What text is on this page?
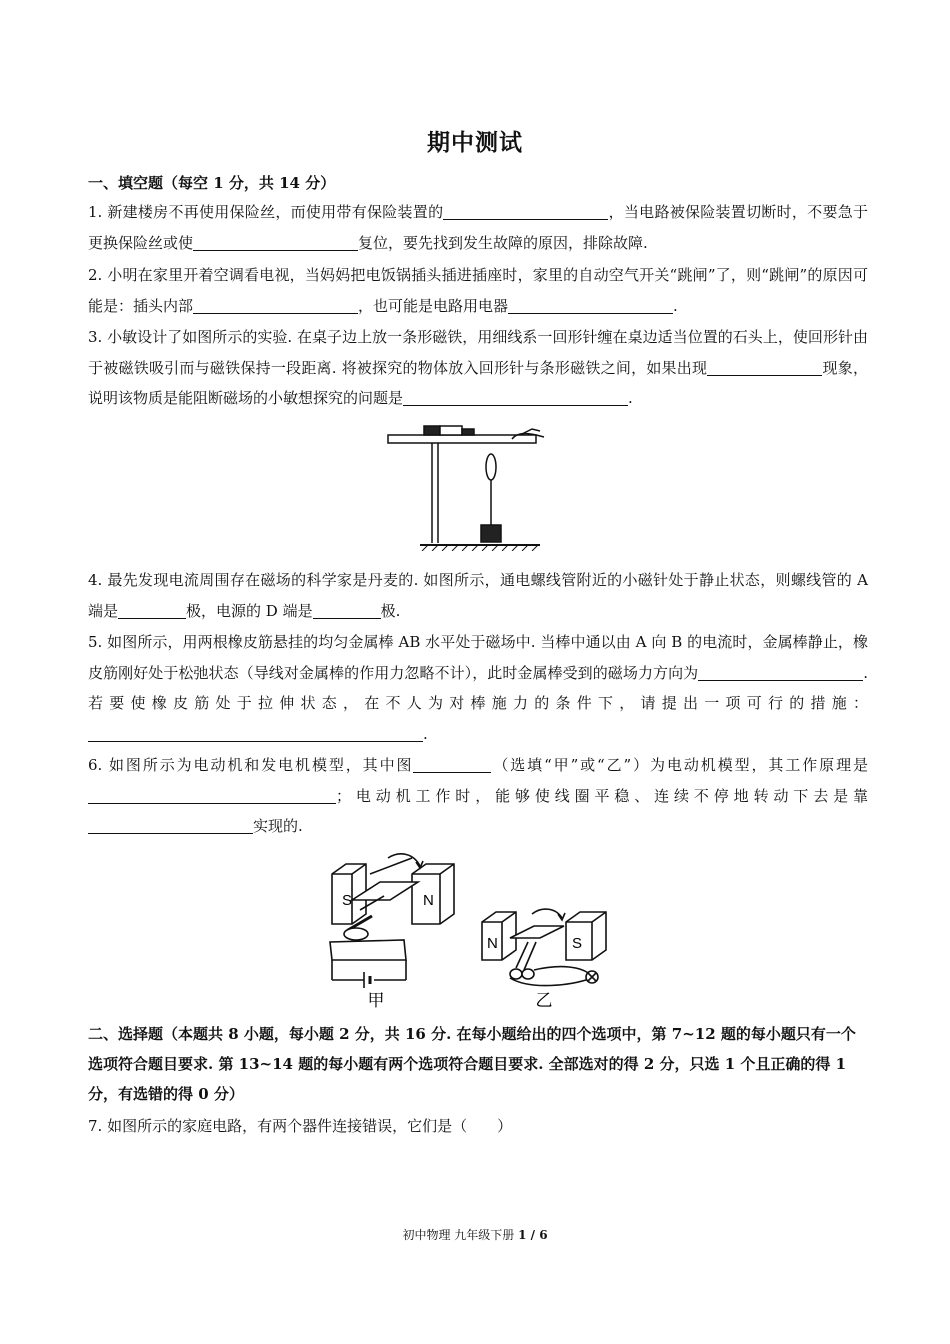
期中测试
一、填空题（每空 1 分，共 14 分）
1. 新建楼房不再使用保险丝，而使用带有保险装置的	，当电路被保险装置切断时，不要急于更换保险丝或使	复位，要先找到发生故障的原因，排除故障.
2. 小明在家里开着空调看电视，当妈妈把电饭锅插头插进插座时，家里的自动空气开关“跳闸”了，则“跳闸”的原因可能是：插头内部	，也可能是电路用电器	.
3. 小敏设计了如图所示的实验. 在桌子边上放一条形磁铁，用细线系一回形针缠在桌边适当位置的石头上，使回形针由于被磁铁吸引而与磁铁保持一段距离. 将被探究的物体放入回形针与条形磁铁之间，如果出现	现象，说明该物质是能阻断磁场的小敏想探究的问题是	.
4. 最先发现电流周围存在磁场的科学家是丹麦的. 如图所示，通电螺线管附近的小磁针处于静止状态，则螺线管的 A 端是	极，电源的 D 端是	极.
5. 如图所示，用两根橡皮筋悬挂的均匀金属棒 AB 水平处于磁场中. 当棒中通以由 A 向 B 的电流时，金属棒静止，橡皮筋刚好处于松弛状态（导线对金属棒的作用力忽略不计），此时金属棒受到的磁场力方向为	. 若要使橡皮筋处于拉伸状态，在不人为对棒施力的条件下，请提出一项可行的措施：.
6. 如图所示为电动机和发电机模型，其中图	（选填“甲”或“乙”）为电动机模型，其工作原理是；电动机工作时，能够使线圈平稳、连续不停地转动下去是靠实现的.
S	N
N	S
甲	乙
二、选择题（本题共 8 小题，每小题 2 分，共 16 分. 在每小题给出的四个选项中，第 7~12 题的每小题只有一个选项符合题目要求. 第 13~14 题的每小题有两个选项符合题目要求. 全部选对的得 2 分，只选 1 个且正确的得 1 分，有选错的得 0 分）
7. 如图所示的家庭电路，有两个器件连接错误，它们是（　　）
初中物理 九年级下册 1 / 6
